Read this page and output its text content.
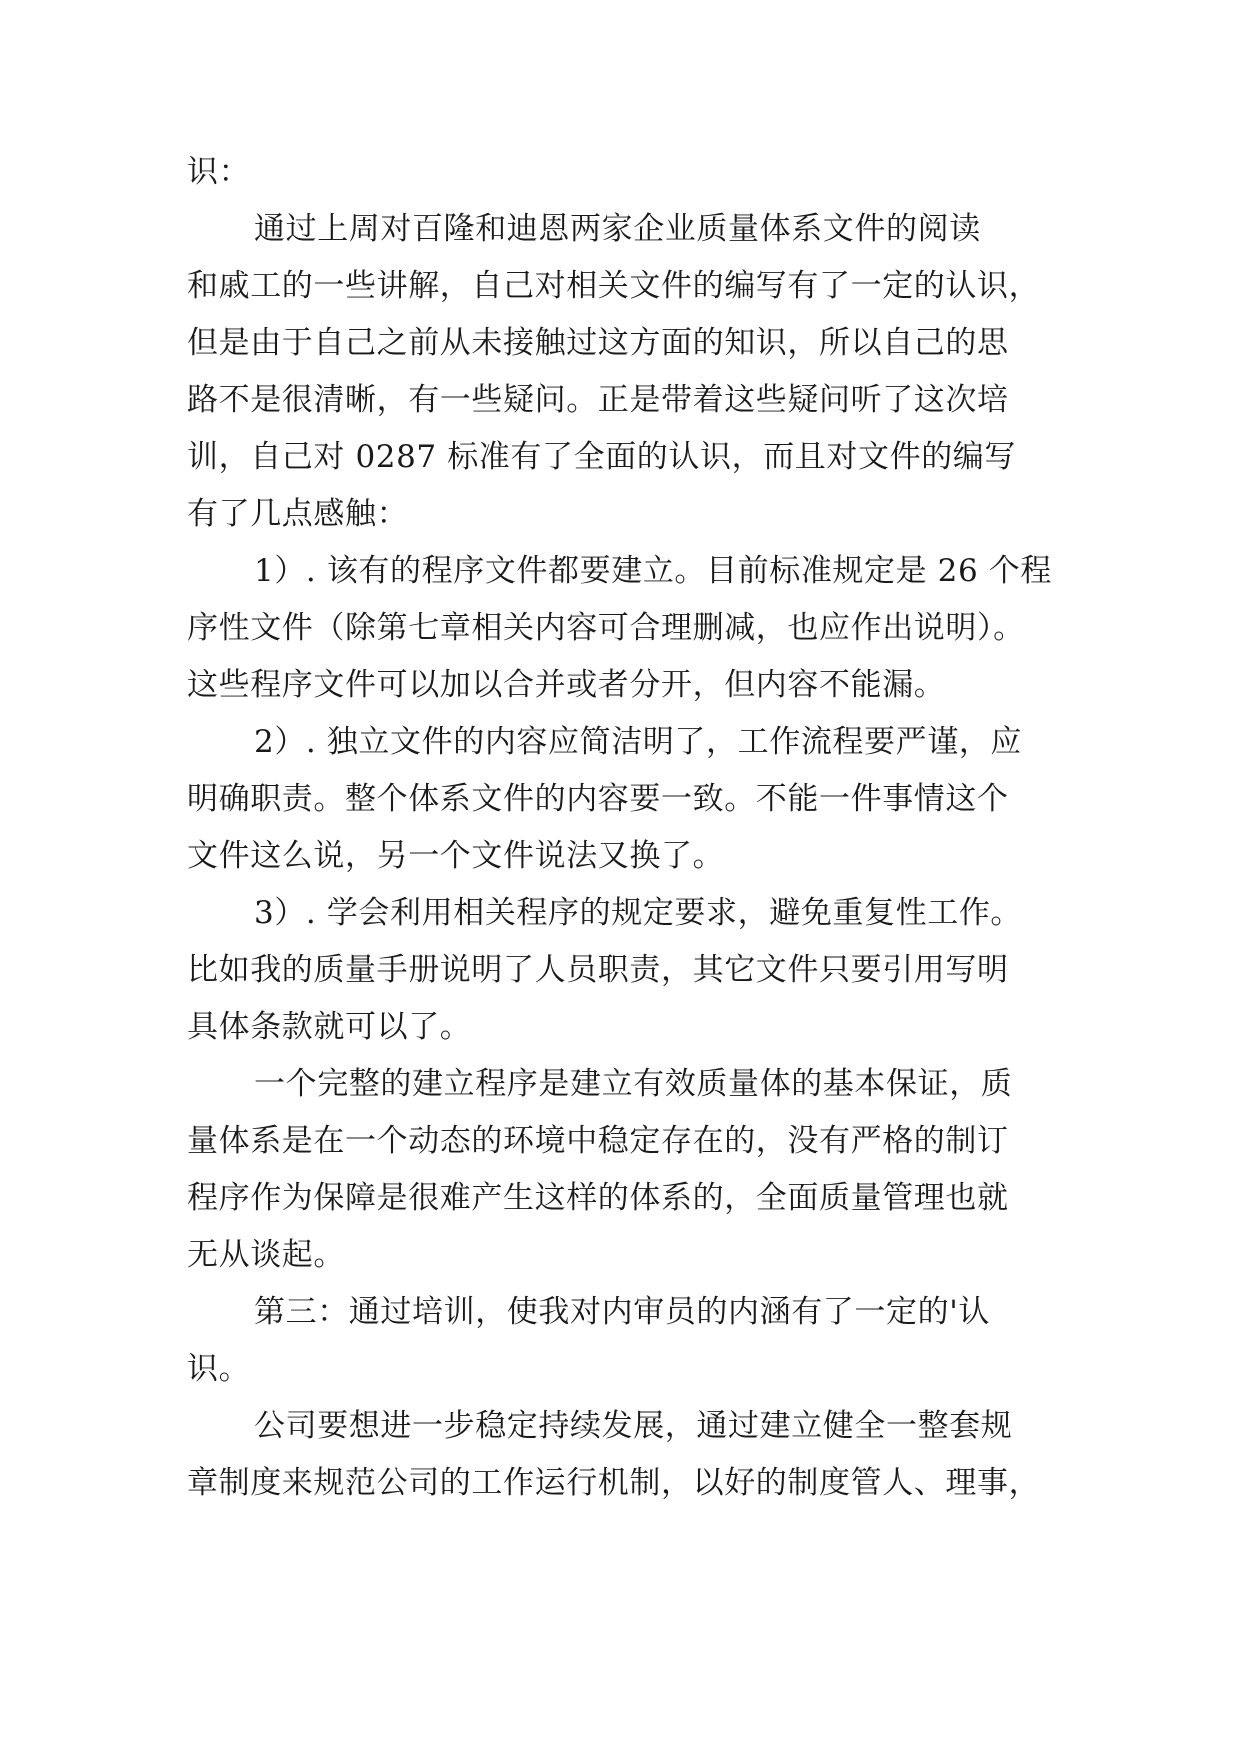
识：
通过上周对百隆和迪恩两家企业质量体系文件的阅读
和戚工的一些讲解，自己对相关文件的编写有了一定的认识，
但是由于自己之前从未接触过这方面的知识，所以自己的思
路不是很清晰，有一些疑问。正是带着这些疑问听了这次培
训，自己对 0287 标准有了全面的认识，而且对文件的编写
有了几点感触：
1）. 该有的程序文件都要建立。目前标准规定是 26 个程
序性文件（除第七章相关内容可合理删减，也应作出说明）。
这些程序文件可以加以合并或者分开，但内容不能漏。
2）. 独立文件的内容应简洁明了，工作流程要严谨，应
明确职责。整个体系文件的内容要一致。不能一件事情这个
文件这么说，另一个文件说法又换了。
3）. 学会利用相关程序的规定要求，避免重复性工作。
比如我的质量手册说明了人员职责，其它文件只要引用写明
具体条款就可以了。
一个完整的建立程序是建立有效质量体的基本保证，质
量体系是在一个动态的环境中稳定存在的，没有严格的制订
程序作为保障是很难产生这样的体系的，全面质量管理也就
无从谈起。
第三：通过培训，使我对内审员的内涵有了一定的'认
识。
公司要想进一步稳定持续发展，通过建立健全一整套规
章制度来规范公司的工作运行机制，以好的制度管人、理事，
